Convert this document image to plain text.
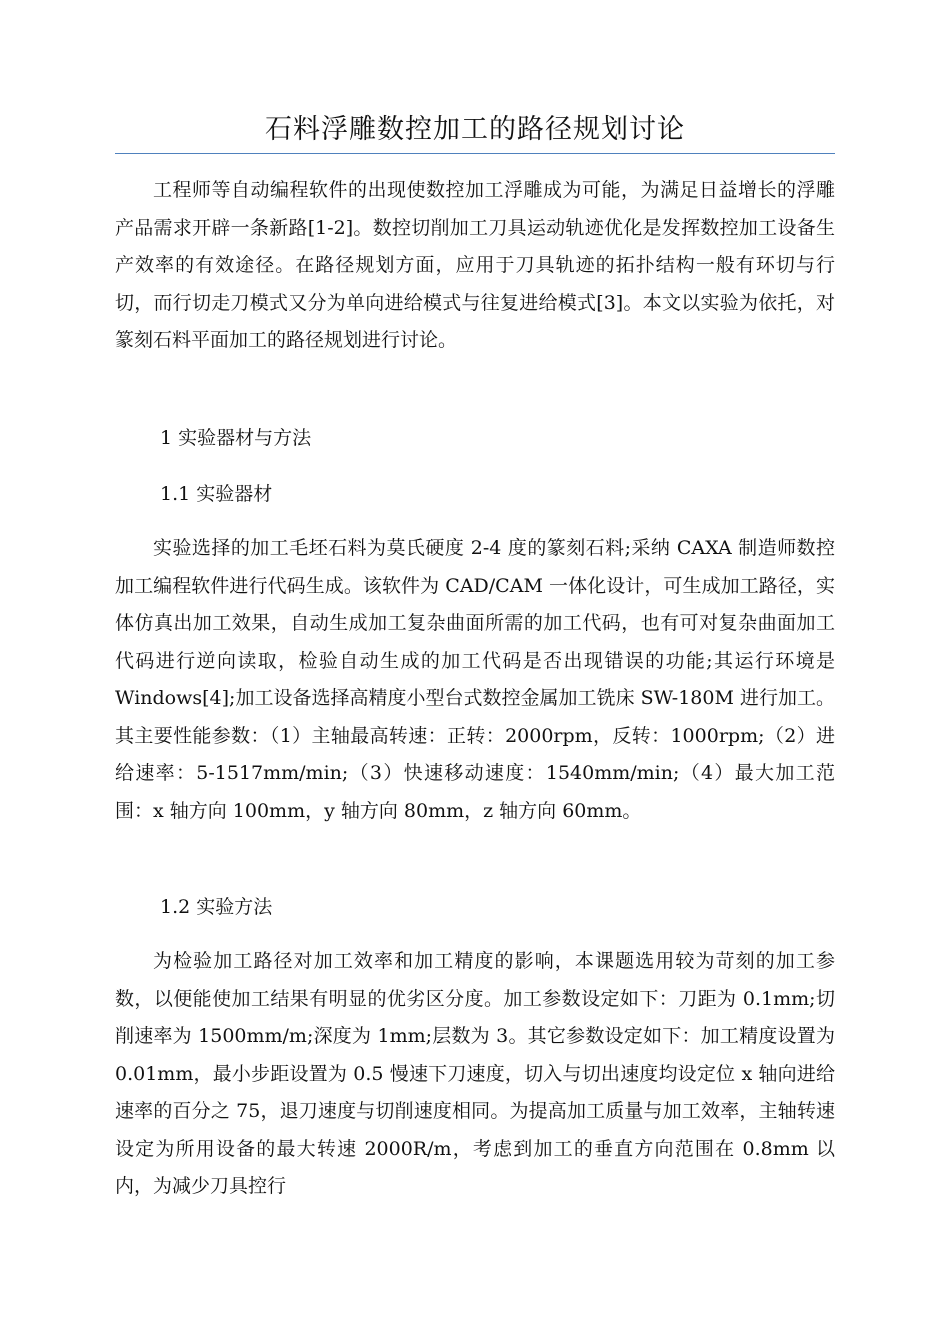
石料浮雕数控加工的路径规划讨论

工程师等自动编程软件的出现使数控加工浮雕成为可能，为满足日益增长的浮雕产品需求开辟一条新路[1-2]。数控切削加工刀具运动轨迹优化是发挥数控加工设备生产效率的有效途径。在路径规划方面，应用于刀具轨迹的拓扑结构一般有环切与行切，而行切走刀模式又分为单向进给模式与往复进给模式[3]。本文以实验为依托，对篆刻石料平面加工的路径规划进行讨论。

1 实验器材与方法

1.1 实验器材

实验选择的加工毛坯石料为莫氏硬度 2-4 度的篆刻石料;采纳 CAXA 制造师数控加工编程软件进行代码生成。该软件为 CAD/CAM 一体化设计，可生成加工路径，实体仿真出加工效果，自动生成加工复杂曲面所需的加工代码，也有可对复杂曲面加工代码进行逆向读取，检验自动生成的加工代码是否出现错误的功能;其运行环境是 Windows[4];加工设备选择高精度小型台式数控金属加工铣床 SW-180M 进行加工。其主要性能参数：（1）主轴最高转速：正转：2000rpm，反转：1000rpm;（2）进给速率：5-1517mm/min;（3）快速移动速度：1540mm/min;（4）最大加工范围：x 轴方向 100mm，y 轴方向 80mm，z 轴方向 60mm。

1.2 实验方法

为检验加工路径对加工效率和加工精度的影响，本课题选用较为苛刻的加工参数，以便能使加工结果有明显的优劣区分度。加工参数设定如下：刀距为 0.1mm;切削速率为 1500mm/m;深度为 1mm;层数为 3。其它参数设定如下：加工精度设置为 0.01mm，最小步距设置为 0.5 慢速下刀速度，切入与切出速度均设定位 x 轴向进给速率的百分之 75，退刀速度与切削速度相同。为提高加工质量与加工效率，主轴转速设定为所用设备的最大转速 2000R/m，考虑到加工的垂直方向范围在 0.8mm 以内，为减少刀具控行
